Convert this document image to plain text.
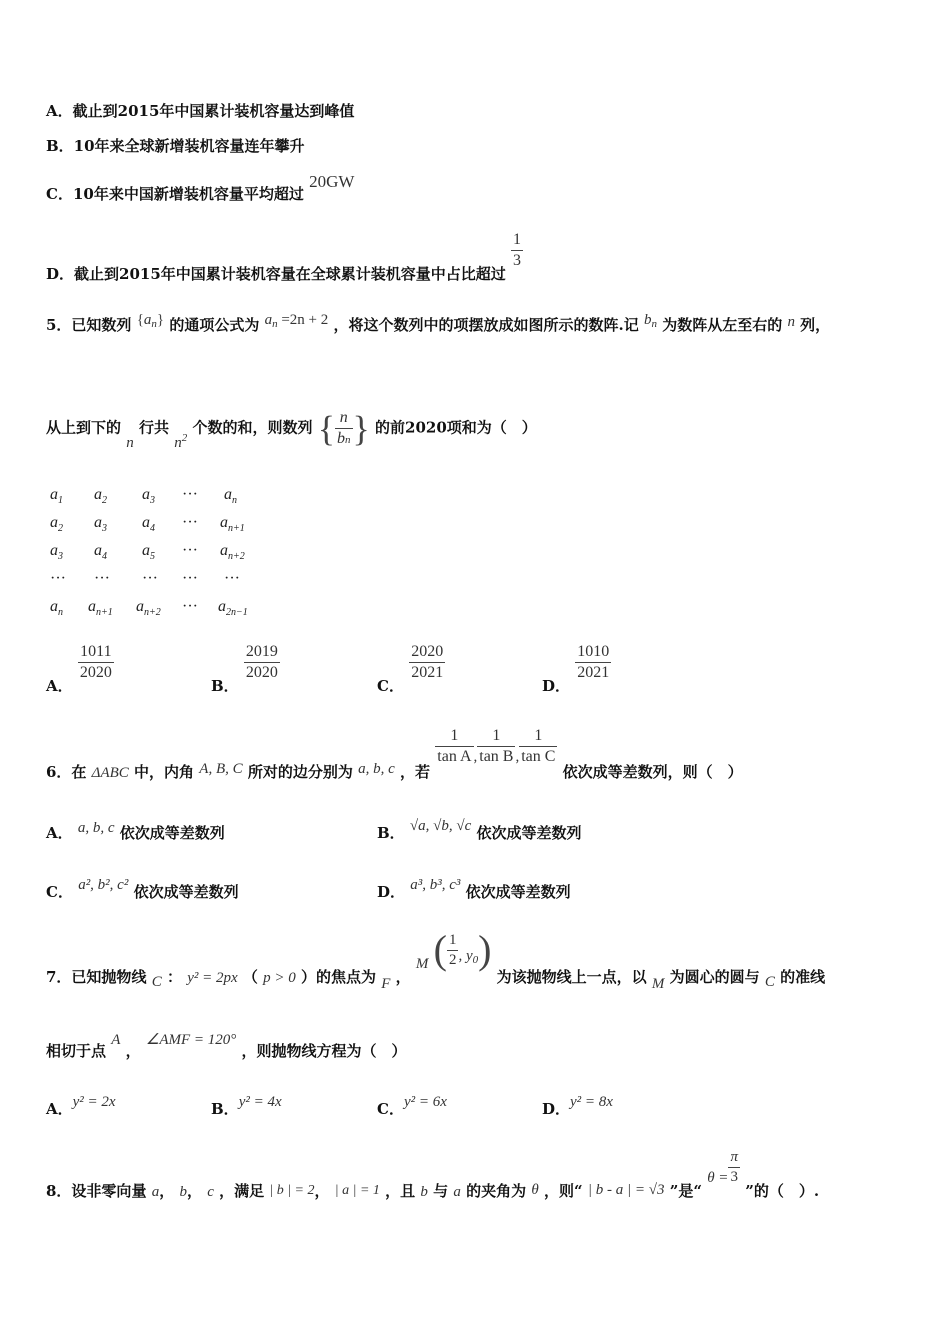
A．截止到2015年中国累计装机容量达到峰值
B．10年来全球新增装机容量连年攀升
C．10年来中国新增装机容量平均超过 20GW
D．截止到2015年中国累计装机容量在全球累计装机容量中占比超过
$\frac{1}{3}$
5．已知数列 $\{a_n\}$ 的通项公式为 $a_n =2n + 2$ ，将这个数列中的项摆放成如图所示的数阵.记 $b_n$ 为数阵从左至右的 n 列，
从上到下的 n 行共 $n^2$ 个数的和，则数列 { $\frac{n}{bn}$ } 的前2020项和为（　）
$a_1$ $a_2$ $a_3$ ··· $a_n$
$a_2$ $a_3$ $a_4$ ··· $a_{n+1}$
$a_3$ $a_4$ $a_5$ ··· $a_{n+2}$
··· ··· ··· ··· ···
$a_n$ $a_{n+1}$ $a_{n+2}$ ··· $a_{2n-1}$
A．
$\frac{1011}{2020}$
B．
$\frac{2019}{2020}$
C．
$\frac{2020}{2021}$
D．
$\frac{1010}{2021}$
6．在 ΔABC 中，内角 A, B, C 所对的边分别为 a, b, c ，若
$\frac{1}{\text{tan A}}$ , $\frac{1}{\text{tan B}}$ , $\frac{1}{\text{tan C}}$
依次成等差数列，则（　）
A． a, b, c 依次成等差数列	B． √a, √b, √c 依次成等差数列
C． a², b², c² 依次成等差数列	D． a³, b³, c³ 依次成等差数列
7．已知抛物线 C ： y² = 2px （ p > 0 ）的焦点为 F ， M ( $\frac{1}{2}$ , $y_0$) 为该抛物线上一点，以 M 为圆心的圆与 C 的准线
相切于点 A ， ∠AMF = 120° ，则抛物线方程为（　）
A．y² = 2x	B．y² = 4x	C．y² = 6x	D．y² = 8x
8．设非零向量 a， b， c ，满足 | b | = 2， | a | = 1 ，且 b 与 a 的夹角为 θ ，则“ | b - a | = √3 ”是“ $\theta = \frac{\pi}{3}$
”的（　）.
